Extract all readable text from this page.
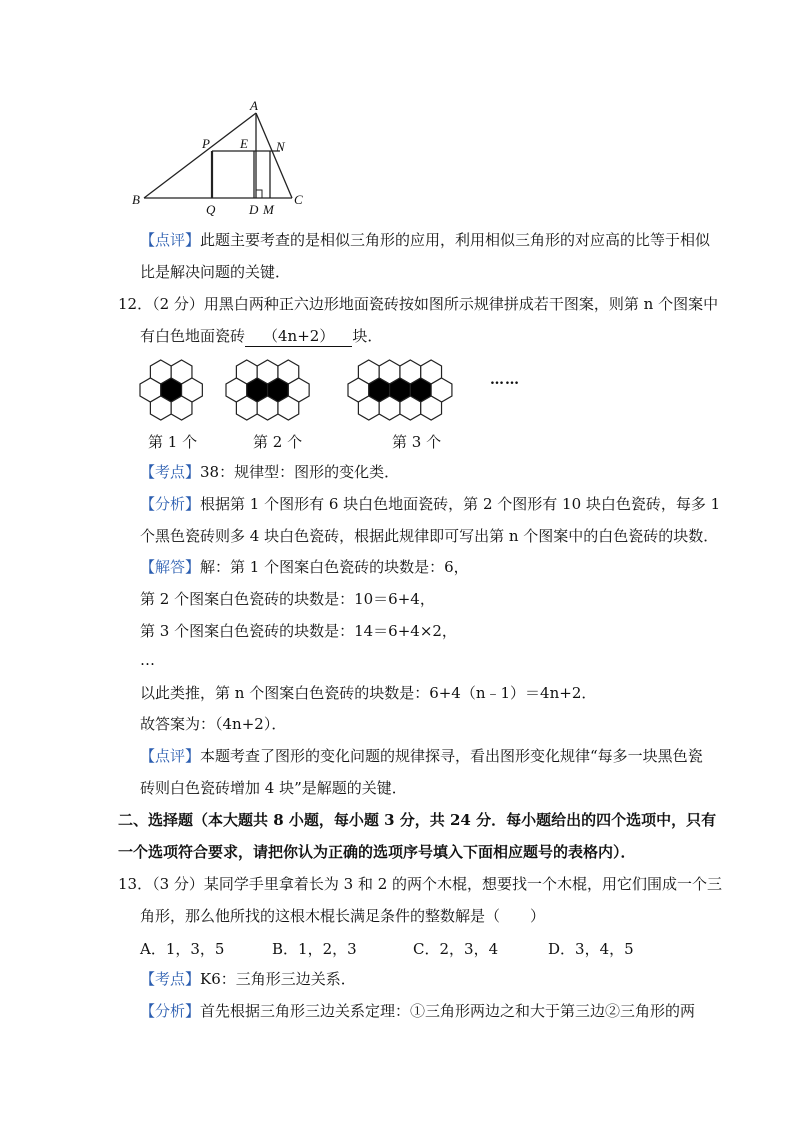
A
P E N
B
Q	D M
C
【点评】此题主要考查的是相似三角形的应用，利用相似三角形的对应高的比等于相似
比是解决问题的关键．
12．（2 分）用黑白两种正六边形地面瓷砖按如图所示规律拼成若干图案，则第 n 个图案中
有白色地面瓷砖 （4n+2） 块．
……
第 1 个	第 2 个	第 3 个
【考点】38：规律型：图形的变化类．
【分析】根据第 1 个图形有 6 块白色地面瓷砖，第 2 个图形有 10 块白色瓷砖，每多 1
个黑色瓷砖则多 4 块白色瓷砖，根据此规律即可写出第 n 个图案中的白色瓷砖的块数．
【解答】解：第 1 个图案白色瓷砖的块数是：6，
第 2 个图案白色瓷砖的块数是：10＝6+4，
第 3 个图案白色瓷砖的块数是：14＝6+4×2，
…
以此类推，第 n 个图案白色瓷砖的块数是：6+4（n﹣1）＝4n+2．
故答案为：（4n+2）．
【点评】本题考查了图形的变化问题的规律探寻，看出图形变化规律“每多一块黑色瓷
砖则白色瓷砖增加 4 块”是解题的关键．
二、选择题（本大题共 8 小题，每小题 3 分，共 24 分．每小题给出的四个选项中，只有
一个选项符合要求，请把你认为正确的选项序号填入下面相应题号的表格内）．
13．（3 分）某同学手里拿着长为 3 和 2 的两个木棍，想要找一个木棍，用它们围成一个三
角形，那么他所找的这根木棍长满足条件的整数解是（　　）
A．1，3，5	B．1，2，3	C．2，3，4	D．3，4，5
【考点】K6：三角形三边关系．
【分析】首先根据三角形三边关系定理：①三角形两边之和大于第三边②三角形的两
